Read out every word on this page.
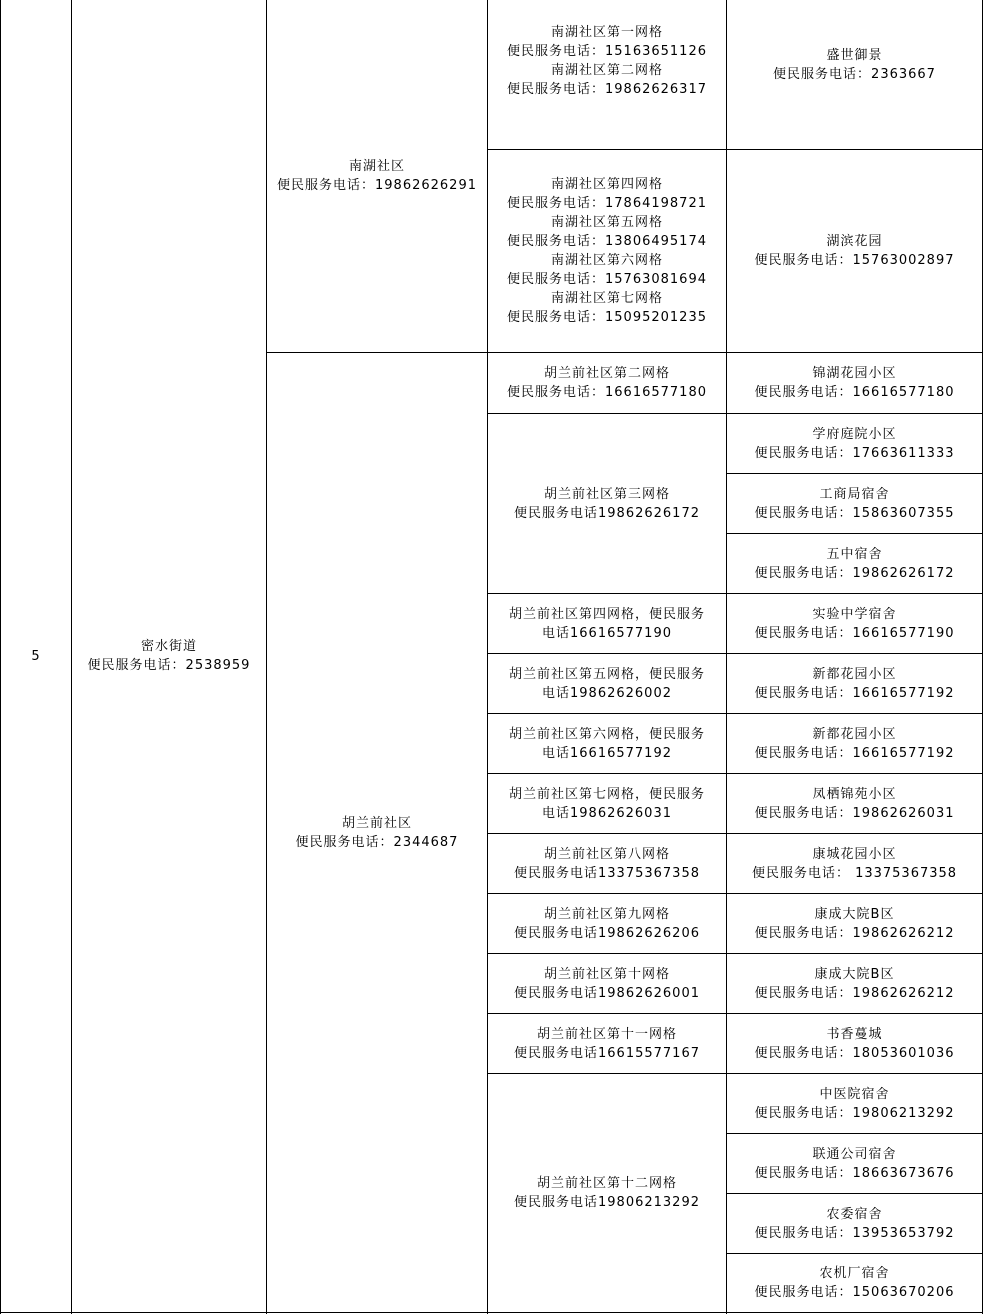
5
密水街道
便民服务电话：2538959
南湖社区
便民服务电话：19862626291
胡兰前社区
便民服务电话：2344687
南湖社区第一网格
便民服务电话：15163651126
南湖社区第二网格
便民服务电话：19862626317
南湖社区第四网格
便民服务电话：17864198721
南湖社区第五网格
便民服务电话：13806495174
南湖社区第六网格
便民服务电话：15763081694
南湖社区第七网格
便民服务电话：15095201235
胡兰前社区第二网格
便民服务电话：16616577180
胡兰前社区第三网格
便民服务电话19862626172
胡兰前社区第四网格，便民服务
电话16616577190
胡兰前社区第五网格，便民服务
电话19862626002
胡兰前社区第六网格，便民服务
电话16616577192
胡兰前社区第七网格，便民服务
电话19862626031
胡兰前社区第八网格
便民服务电话13375367358
胡兰前社区第九网格
便民服务电话19862626206
胡兰前社区第十网格
便民服务电话19862626001
胡兰前社区第十一网格
便民服务电话16615577167
胡兰前社区第十二网格
便民服务电话19806213292
盛世御景
便民服务电话：2363667
湖滨花园
便民服务电话：15763002897
锦湖花园小区
便民服务电话：16616577180
学府庭院小区
便民服务电话：17663611333
工商局宿舍
便民服务电话：15863607355
五中宿舍
便民服务电话：19862626172
实验中学宿舍
便民服务电话：16616577190
新都花园小区
便民服务电话：16616577192
新都花园小区
便民服务电话：16616577192
凤栖锦苑小区
便民服务电话：19862626031
康城花园小区
便民服务电话： 13375367358
康成大院B区
便民服务电话：19862626212
康成大院B区
便民服务电话：19862626212
书香蔓城
便民服务电话：18053601036
中医院宿舍
便民服务电话：19806213292
联通公司宿舍
便民服务电话：18663673676
农委宿舍
便民服务电话：13953653792
农机厂宿舍
便民服务电话：15063670206
